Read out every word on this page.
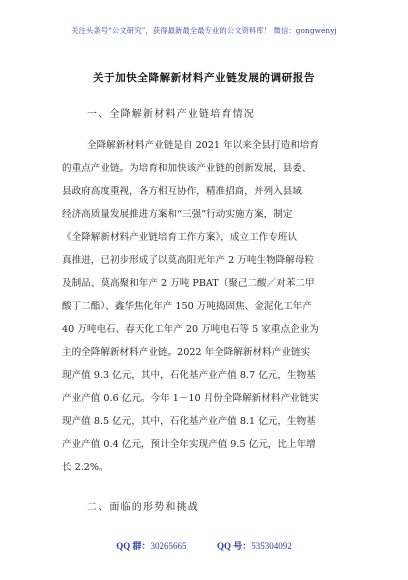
关注头条号“公文研究”，获得最新最全最专业的公文资料库！ 微信：gongwenyj
关于加快全降解新材料产业链发展的调研报告
一、全降解新材料产业链培育情况
全降解新材料产业链是自 2021 年以来全县打造和培育
的重点产业链。为培育和加快该产业链的创新发展，县委、
县政府高度重视，各方相互协作，精准招商，并列入县域
经济高质量发展推进方案和“三强”行动实施方案，制定
《全降解新材料产业链培育工作方案》，成立工作专班认
真推进，已初步形成了以莫高阳光年产 2 万吨生物降解母粒
及制品、莫高聚和年产 2 万吨 PBAT（聚己二酸／对苯二甲
酸丁二酯）、鑫华焦化年产 150 万吨捣固焦、金泥化工年产
40 万吨电石、春天化工年产 20 万吨电石等 5 家重点企业为
主的全降解新材料产业链。2022 年全降解新材料产业链实
现产值 9.3 亿元，其中，石化基产业产值 8.7 亿元，生物基
产业产值 0.6 亿元。今年 1－10 月份全降解新材料产业链实
现产值 8.5 亿元，其中，石化基产业产值 8.1 亿元，生物基
产业产值 0.4 亿元，预计全年实现产值 9.5 亿元，比上年增
长 2.2%。
二、面临的形势和挑战
QQ 群：30265665	QQ 号：535304092
